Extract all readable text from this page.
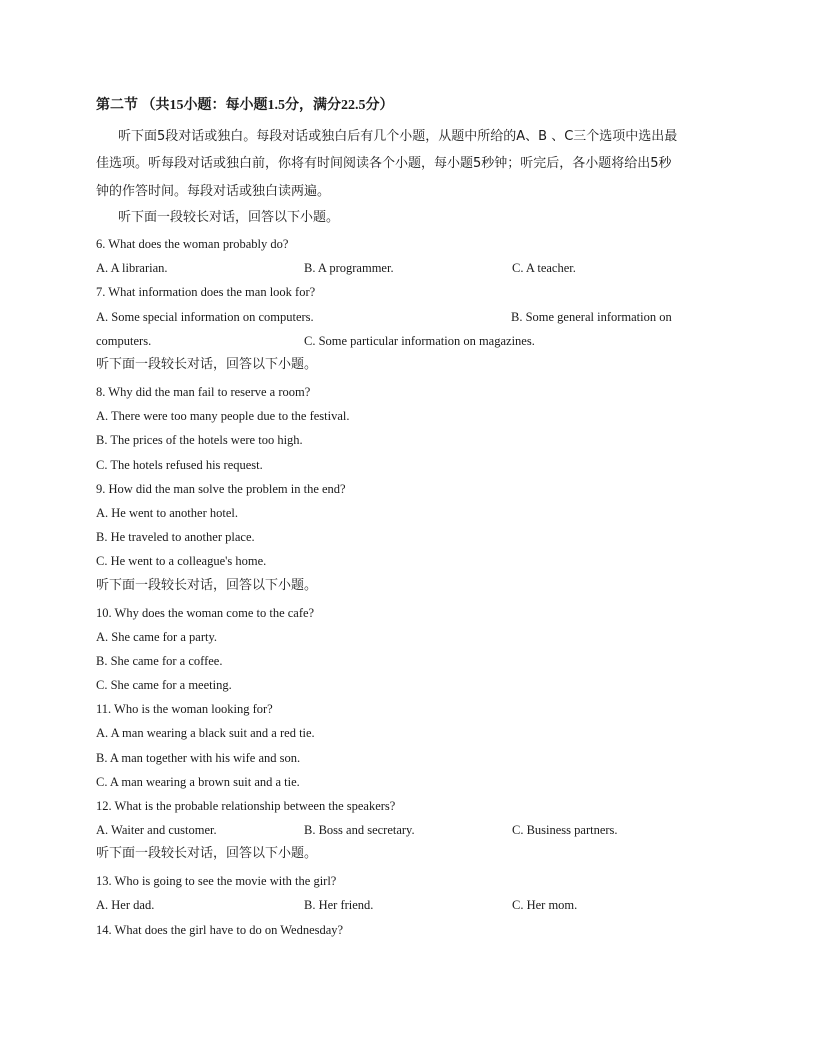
第二节 （共15小题：每小题1.5分，满分22.5分）
听下面5段对话或独白。每段对话或独白后有几个小题，从题中所给的A、B 、C三个选项中选出最
佳选项。听每段对话或独白前，你将有时间阅读各个小题，每小题5秒钟；听完后，各小题将给出5秒
钟的作答时间。每段对话或独白读两遍。
听下面一段较长对话，回答以下小题。
6. What does the woman probably do?
A. A librarian.	B. A programmer.	C. A teacher.
7. What information does the man look for?
A. Some special information on computers.	B. Some general information on
computers.	C. Some particular information on magazines.
听下面一段较长对话，回答以下小题。
8. Why did the man fail to reserve a room?
A. There were too many people due to the festival.
B. The prices of the hotels were too high.
C. The hotels refused his request.
9. How did the man solve the problem in the end?
A. He went to another hotel.
B. He traveled to another place.
C. He went to a colleague's home.
听下面一段较长对话，回答以下小题。
10. Why does the woman come to the cafe?
A. She came for a party.
B. She came for a coffee.
C. She came for a meeting.
11. Who is the woman looking for?
A. A man wearing a black suit and a red tie.
B. A man together with his wife and son.
C. A man wearing a brown suit and a tie.
12. What is the probable relationship between the speakers?
A. Waiter and customer.	B. Boss and secretary.	C. Business partners.
听下面一段较长对话，回答以下小题。
13. Who is going to see the movie with the girl?
A. Her dad.	B. Her friend.	C. Her mom.
14. What does the girl have to do on Wednesday?
